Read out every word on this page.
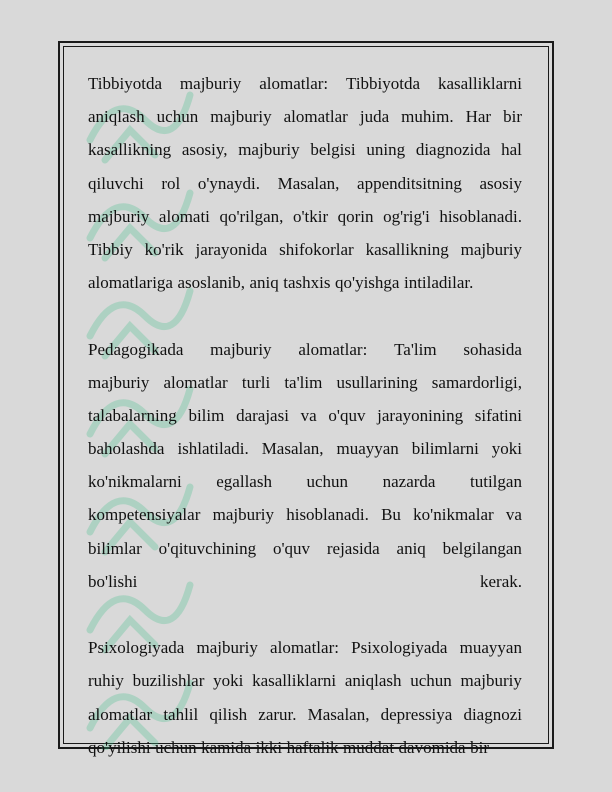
Tibbiyotda majburiy alomatlar: Tibbiyotda kasalliklarni
aniqlash uchun majburiy alomatlar juda muhim. Har bir
kasallikning asosiy, majburiy belgisi uning diagnozida hal
qiluvchi rol o'ynaydi. Masalan, appenditsitning asosiy
majburiy alomati qo'rilgan, o'tkir qorin og'rig'i hisoblanadi.
Tibbiy ko'rik jarayonida shifokorlar kasallikning majburiy
alomatlariga asoslanib, aniq tashxis qo'yishga intiladilar.
Pedagogikada majburiy alomatlar: Ta'lim sohasida
majburiy alomatlar turli ta'lim usullarining samardorligi,
talabalarning bilim darajasi va o'quv jarayonining sifatini
baholashda ishlatiladi. Masalan, muayyan bilimlarni yoki
ko'nikmalarni egallash uchun nazarda tutilgan
kompetensiyalar majburiy hisoblanadi. Bu ko'nikmalar va
bilimlar o'qituvchining o'quv rejasida aniq belgilangan
bo'lishi	kerak.
Psixologiyada majburiy alomatlar: Psixologiyada muayyan
ruhiy buzilishlar yoki kasalliklarni aniqlash uchun majburiy
alomatlar tahlil qilish zarur. Masalan, depressiya diagnozi
qo'yilishi uchun kamida ikki haftalik muddat davomida bir
